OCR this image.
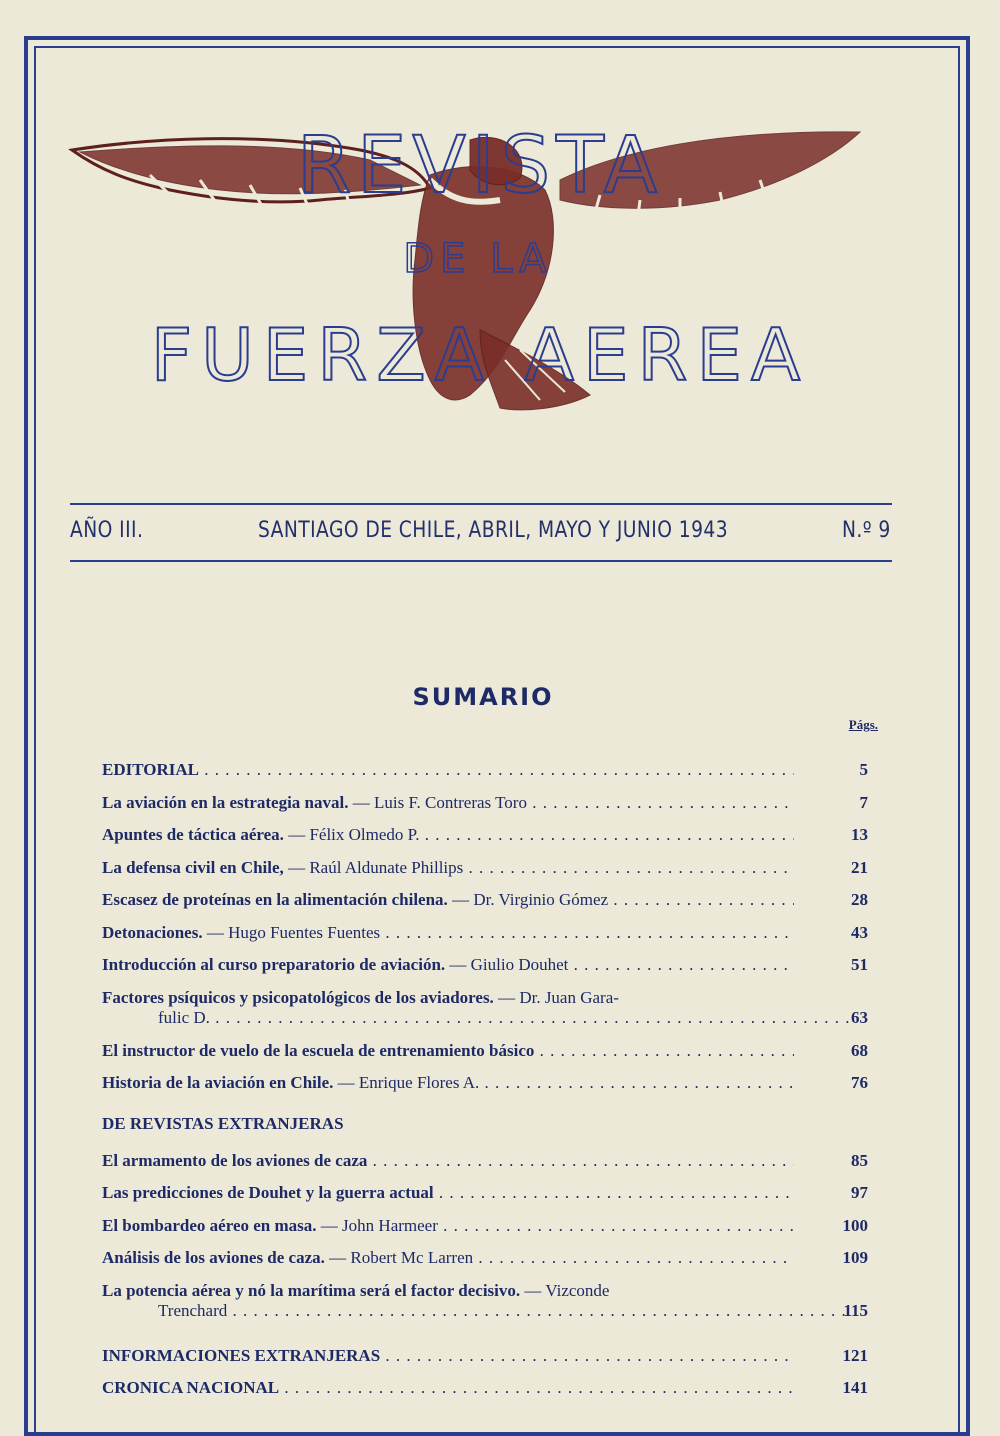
REVISTA
DE LA
FUERZA AEREA
AÑO III.	SANTIAGO DE CHILE, ABRIL, MAYO Y JUNIO 1943	N.º 9
SUMARIO
Págs.
EDITORIAL . . .	5
La aviación en la estrategia naval. — Luis F. Contreras Toro . . .	7
Apuntes de táctica aérea. — Félix Olmedo P. . . .	13
La defensa civil en Chile, — Raúl Aldunate Phillips . . .	21
Escasez de proteínas en la alimentación chilena. — Dr. Virginio Gómez . . .	28
Detonaciones. — Hugo Fuentes Fuentes . . .	43
Introducción al curso preparatorio de aviación. — Giulio Douhet . . .	51
Factores psíquicos y psicopatológicos de los aviadores. — Dr. Juan Gara-
fulic D. . . .	63
El instructor de vuelo de la escuela de entrenamiento básico . . .	68
Historia de la aviación en Chile. — Enrique Flores A. . . .	76
DE REVISTAS EXTRANJERAS
El armamento de los aviones de caza . . .	85
Las predicciones de Douhet y la guerra actual . . .	97
El bombardeo aéreo en masa. — John Harmeer . . .	100
Análisis de los aviones de caza. — Robert Mc Larren . . .	109
La potencia aérea y nó la marítima será el factor decisivo. — Vizconde
Trenchard . . .	115
INFORMACIONES EXTRANJERAS . . .	121
CRONICA NACIONAL . . .	141
